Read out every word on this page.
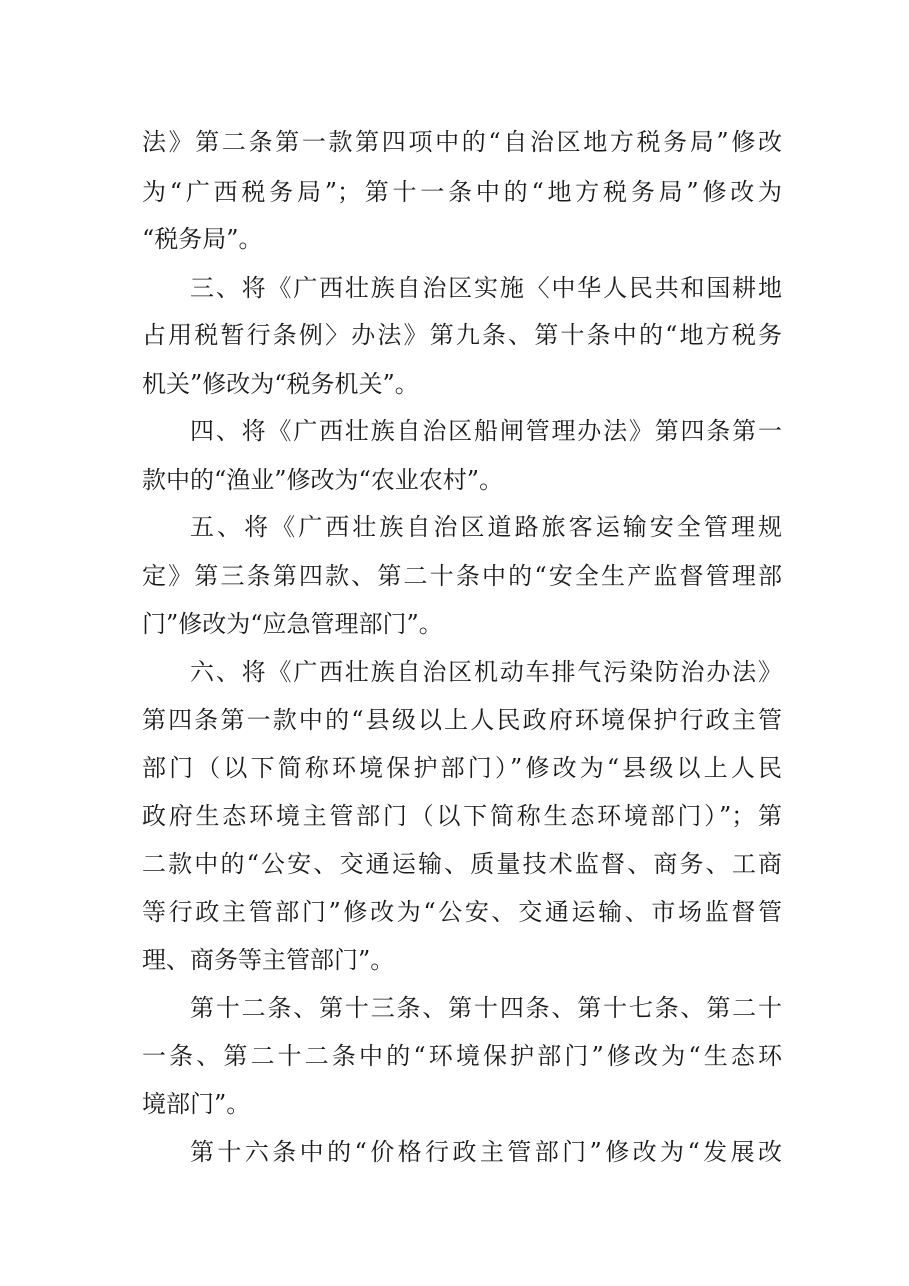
法》第二条第一款第四项中的“自治区地方税务局”修改
为“广西税务局”；第十一条中的“地方税务局”修改为
“税务局”。
三、将《广西壮族自治区实施〈中华人民共和国耕地
占用税暂行条例〉办法》第九条、第十条中的“地方税务
机关”修改为“税务机关”。
四、将《广西壮族自治区船闸管理办法》第四条第一
款中的“渔业”修改为“农业农村”。
五、将《广西壮族自治区道路旅客运输安全管理规
定》第三条第四款、第二十条中的“安全生产监督管理部
门”修改为“应急管理部门”。
六、将《广西壮族自治区机动车排气污染防治办法》
第四条第一款中的“县级以上人民政府环境保护行政主管
部门（以下简称环境保护部门）”修改为“县级以上人民
政府生态环境主管部门（以下简称生态环境部门）”；第
二款中的“公安、交通运输、质量技术监督、商务、工商
等行政主管部门”修改为“公安、交通运输、市场监督管
理、商务等主管部门”。
第十二条、第十三条、第十四条、第十七条、第二十
一条、第二十二条中的“环境保护部门”修改为“生态环
境部门”。
第十六条中的“价格行政主管部门”修改为“发展改
